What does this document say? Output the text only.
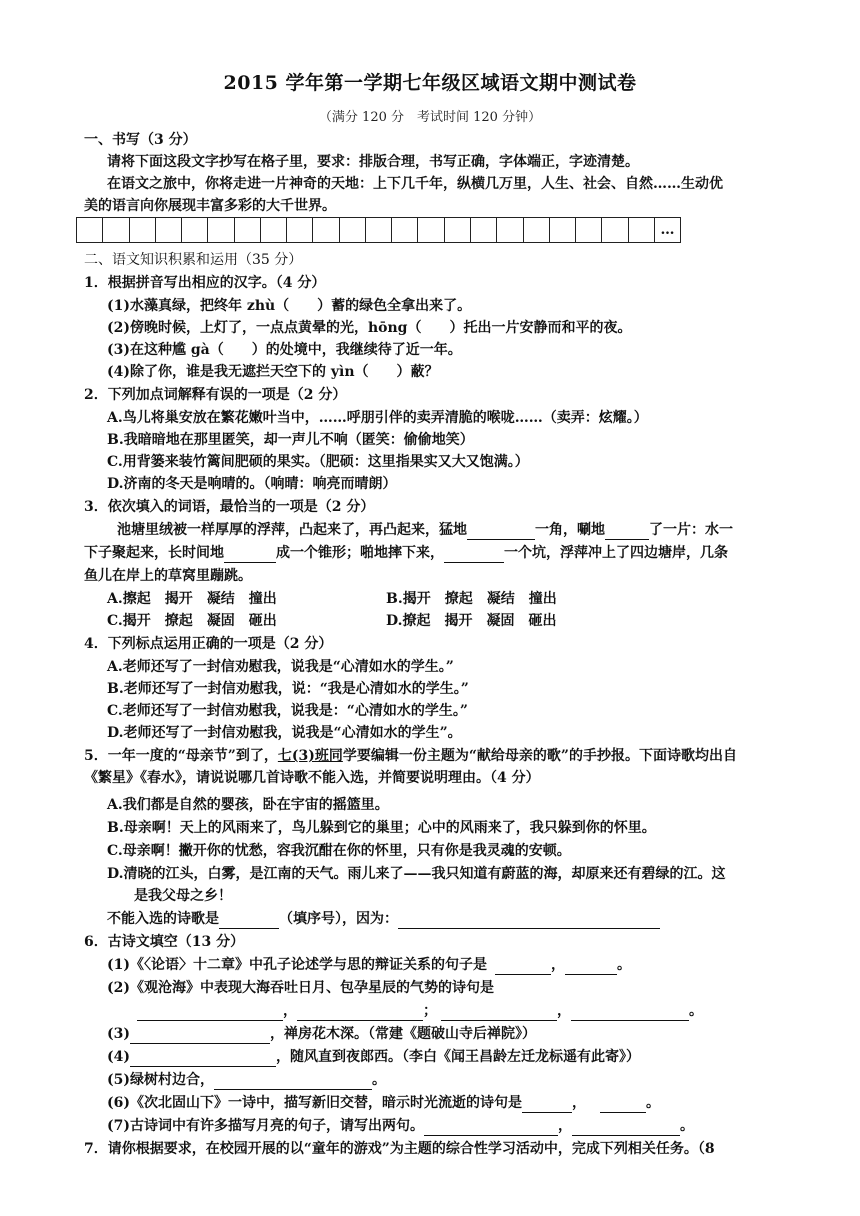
2015 学年第一学期七年级区域语文期中测试卷
（满分 120 分　考试时间 120 分钟）
一、书写（3 分）
请将下面这段文字抄写在格子里，要求：排版合理，书写正确，字体端正，字迹清楚。
在语文之旅中，你将走进一片神奇的天地：上下几千年，纵横几万里，人生、社会、自然……生动优
美的语言向你展现丰富多彩的大千世界。
…
二、语文知识积累和运用（35 分）
1．根据拼音写出相应的汉字。（4 分）
(1)水藻真绿，把终年 zhù（　　）蓄的绿色全拿出来了。
(2)傍晚时候，上灯了，一点点黄晕的光，hōng（　　）托出一片安静而和平的夜。
(3)在这种尴 gà（　　）的处境中，我继续待了近一年。
(4)除了你，谁是我无遮拦天空下的 yìn（　　）蔽？
2．下列加点词解释有误的一项是（2 分）
A.鸟儿将巢安放在繁花嫩叶当中，……呼朋引伴的卖弄清脆的喉咙……（卖弄：炫耀。）
B.我暗暗地在那里匿笑，却一声儿不响（匿笑：偷偷地笑）
C.用背篓来装竹篱间肥硕的果实。（肥硕：这里指果实又大又饱满。）
D.济南的冬天是响晴的。（响晴：响亮而晴朗）
3．依次填入的词语，最恰当的一项是（2 分）
池塘里绒被一样厚厚的浮萍，凸起来了，再凸起来，猛地	一角，唰地	了一片：水一
下子聚起来，长时间地	成一个锥形；啪地摔下来，	一个坑，浮萍冲上了四边塘岸，几条
鱼儿在岸上的草窝里蹦跳。
A.擦起　揭开　凝结　撞出	B.揭开　撩起　凝结　撞出
C.揭开　撩起　凝固　砸出	D.撩起　揭开　凝固　砸出
4．下列标点运用正确的一项是（2 分）
A.老师还写了一封信劝慰我，说我是“心清如水的学生。”
B.老师还写了一封信劝慰我，说：“我是心清如水的学生。”
C.老师还写了一封信劝慰我，说我是：“心清如水的学生。”
D.老师还写了一封信劝慰我，说我是“心清如水的学生”。
5．一年一度的“母亲节”到了，七(3)班同学要编辑一份主题为“献给母亲的歌”的手抄报。下面诗歌均出自
《繁星》《春水》，请说说哪几首诗歌不能入选，并简要说明理由。（4 分）
A.我们都是自然的婴孩，卧在宇宙的摇篮里。
B.母亲啊！天上的风雨来了，鸟儿躲到它的巢里；心中的风雨来了，我只躲到你的怀里。
C.母亲啊！撇开你的忧愁，容我沉酣在你的怀里，只有你是我灵魂的安顿。
D.清晓的江头，白雾，是江南的天气。雨儿来了——我只知道有蔚蓝的海，却原来还有碧绿的江。这
是我父母之乡！
不能入选的诗歌是	（填序号），因为：
6．古诗文填空（13 分）
(1)《〈论语〉十二章》中孔子论述学与思的辩证关系的句子是	，	。
(2)《观沧海》中表现大海吞吐日月、包孕星辰的气势的诗句是
，	；	，	。
(3)	，禅房花木深。（常建《题破山寺后禅院》）
(4)	，随风直到夜郎西。（李白《闻王昌龄左迁龙标遥有此寄》）
(5)绿树村边合，	。
(6)《次北固山下》一诗中，描写新旧交替，暗示时光流逝的诗句是	，	。
(7)古诗词中有许多描写月亮的句子，请写出两句。	，	。
7．请你根据要求，在校园开展的以“童年的游戏”为主题的综合性学习活动中，完成下列相关任务。（8
